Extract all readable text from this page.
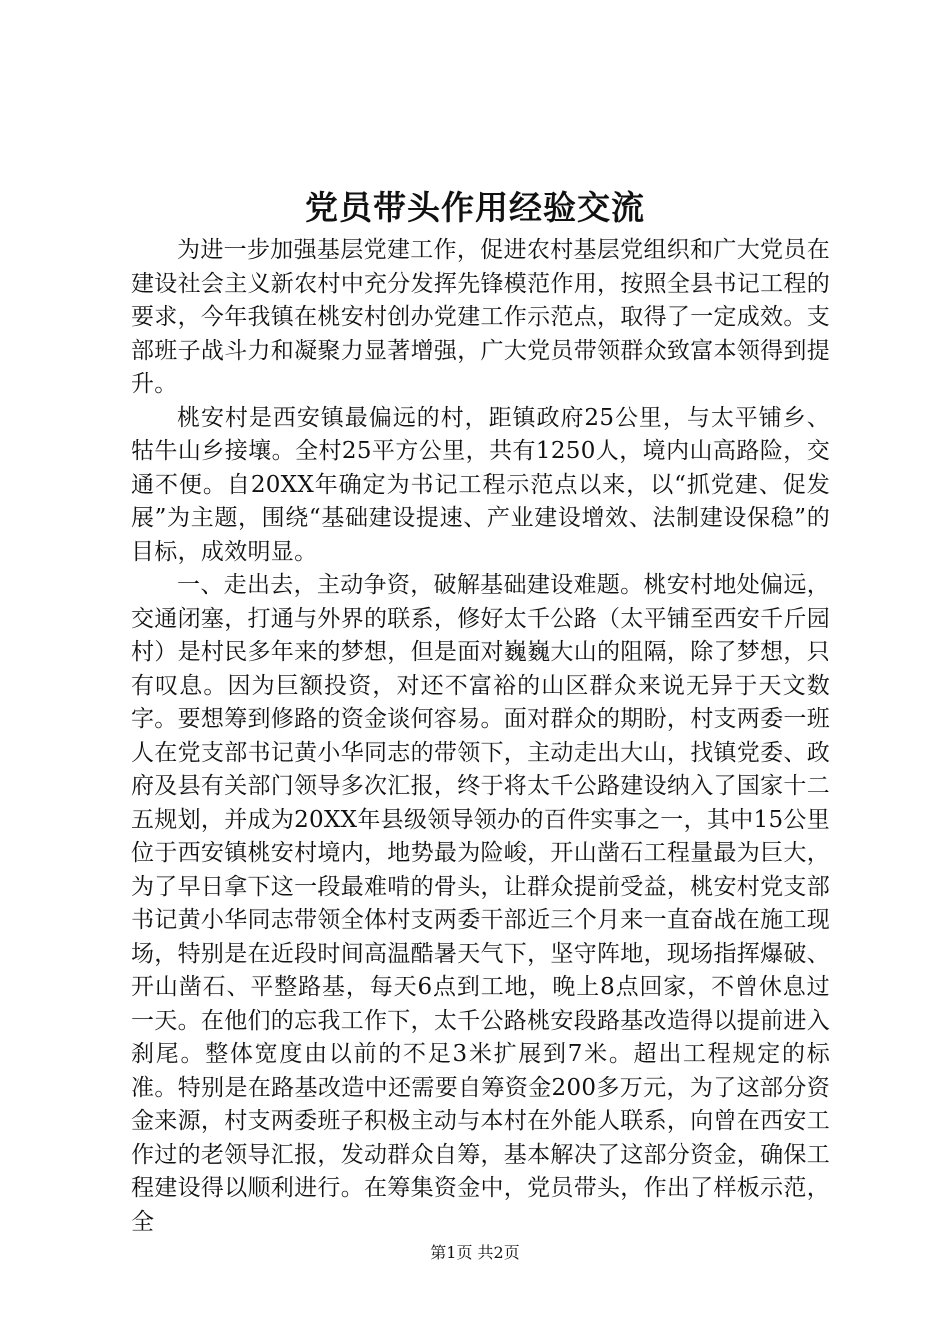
党员带头作用经验交流

为进一步加强基层党建工作，促进农村基层党组织和广大党员在建设社会主义新农村中充分发挥先锋模范作用，按照全县书记工程的要求，今年我镇在桃安村创办党建工作示范点，取得了一定成效。支部班子战斗力和凝聚力显著增强，广大党员带领群众致富本领得到提升。

桃安村是西安镇最偏远的村，距镇政府25公里，与太平铺乡、牯牛山乡接壤。全村25平方公里，共有1250人，境内山高路险，交通不便。自20XX年确定为书记工程示范点以来，以“抓党建、促发展”为主题，围绕“基础建设提速、产业建设增效、法制建设保稳”的目标，成效明显。

一、走出去，主动争资，破解基础建设难题。桃安村地处偏远，交通闭塞，打通与外界的联系，修好太千公路（太平铺至西安千斤园村）是村民多年来的梦想，但是面对巍巍大山的阻隔，除了梦想，只有叹息。因为巨额投资，对还不富裕的山区群众来说无异于天文数字。要想筹到修路的资金谈何容易。面对群众的期盼，村支两委一班人在党支部书记黄小华同志的带领下，主动走出大山，找镇党委、政府及县有关部门领导多次汇报，终于将太千公路建设纳入了国家十二五规划，并成为20XX年县级领导领办的百件实事之一，其中15公里位于西安镇桃安村境内，地势最为险峻，开山凿石工程量最为巨大，为了早日拿下这一段最难啃的骨头，让群众提前受益，桃安村党支部书记黄小华同志带领全体村支两委干部近三个月来一直奋战在施工现场，特别是在近段时间高温酷暑天气下，坚守阵地，现场指挥爆破、开山凿石、平整路基，每天6点到工地，晚上8点回家，不曾休息过一天。在他们的忘我工作下，太千公路桃安段路基改造得以提前进入刹尾。整体宽度由以前的不足3米扩展到7米。超出工程规定的标准。特别是在路基改造中还需要自筹资金200多万元，为了这部分资金来源，村支两委班子积极主动与本村在外能人联系，向曾在西安工作过的老领导汇报，发动群众自筹，基本解决了这部分资金，确保工程建设得以顺利进行。在筹集资金中，党员带头，作出了样板示范，全

第1页 共2页
